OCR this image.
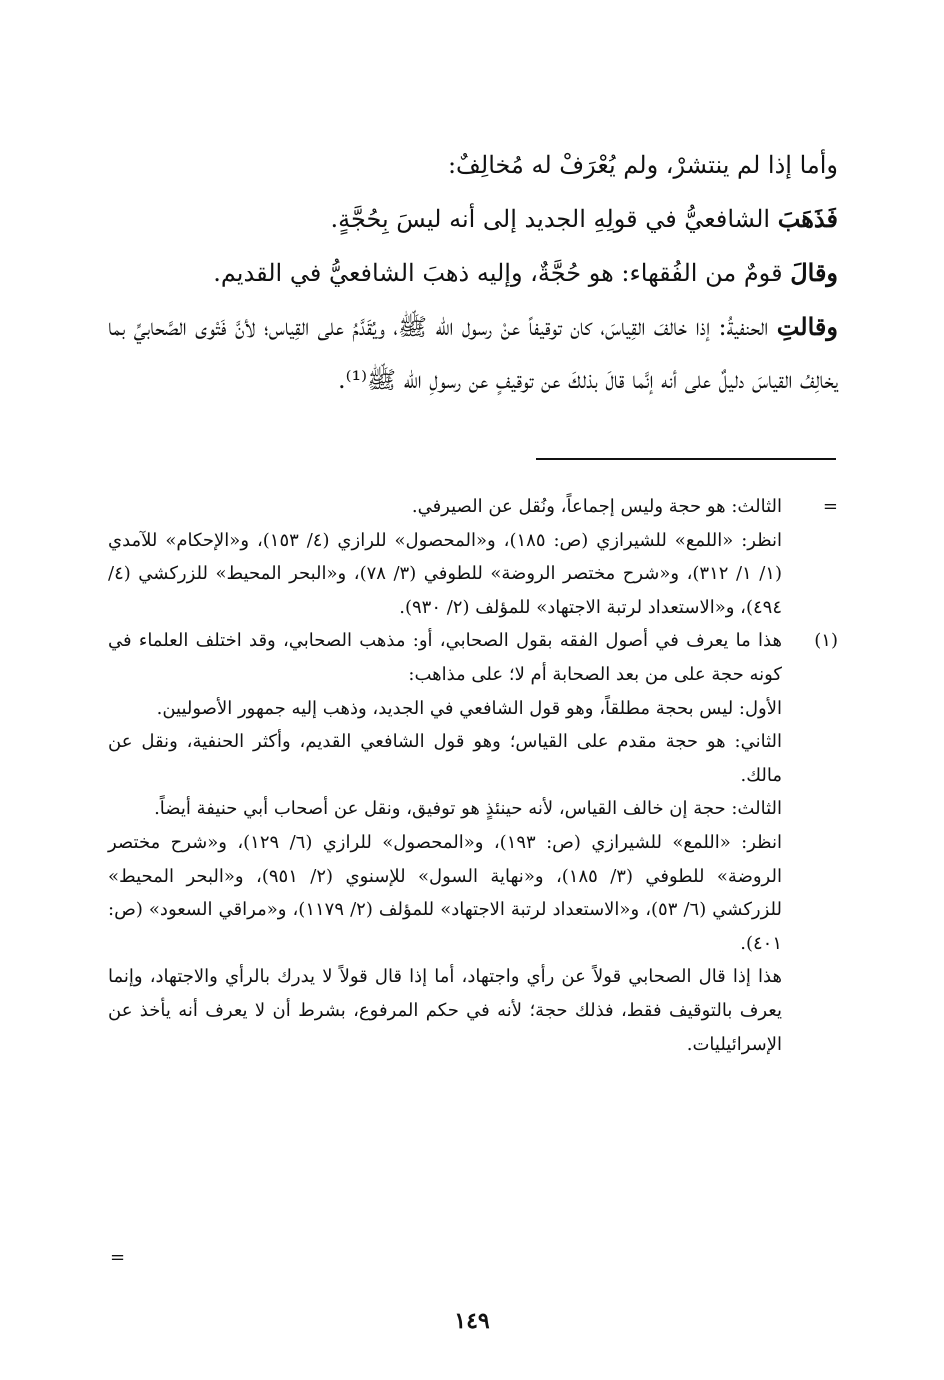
وأما إذا لم ينتشرْ، ولم يُعْرَفْ له مُخالِفٌ:

فَذَهَبَ الشافعيُّ في قولِهِ الجديد إلى أنه ليسَ بِحُجَّةٍ.

وقالَ قومٌ من الفُقهاء: هو حُجَّةٌ، وإليه ذهبَ الشافعيُّ في القديم.

وقالتِ الحنفيةُ: إذا خالفَ القِياسَ، كان توقيفاً عنْ رسول الله ﷺ، ويُقَدَّمُ على القِياس؛ لأنَّ فَتْوى الصَّحابيِّ بما يخالِفُ القياسَ دليلٌ على أنه إنَّما قالَ بذلكَ عن توقيفٍ عن رسولِ الله ﷺ⁽¹⁾.

=

الثالث: هو حجة وليس إجماعاً، ونُقل عن الصيرفي.

انظر: «اللمع» للشيرازي (ص: ١٨٥)، و«المحصول» للرازي (٤/ ١٥٣)، و«الإحكام» للآمدي (١/ ١/ ٣١٢)، و«شرح مختصر الروضة» للطوفي (٣/ ٧٨)، و«البحر المحيط» للزركشي (٤/ ٤٩٤)، و«الاستعداد لرتبة الاجتهاد» للمؤلف (٢/ ٩٣٠).

(١)

هذا ما يعرف في أصول الفقه بقول الصحابي، أو: مذهب الصحابي، وقد اختلف العلماء في كونه حجة على من بعد الصحابة أم لا؛ على مذاهب:

الأول: ليس بحجة مطلقاً، وهو قول الشافعي في الجديد، وذهب إليه جمهور الأصوليين.

الثاني: هو حجة مقدم على القياس؛ وهو قول الشافعي القديم، وأكثر الحنفية، ونقل عن مالك.

الثالث: حجة إن خالف القياس، لأنه حينئذٍ هو توفيق، ونقل عن أصحاب أبي حنيفة أيضاً.

انظر: «اللمع» للشيرازي (ص: ١٩٣)، و«المحصول» للرازي (٦/ ١٢٩)، و«شرح مختصر الروضة» للطوفي (٣/ ١٨٥)، و«نهاية السول» للإسنوي (٢/ ٩٥١)، و«البحر المحيط» للزركشي (٦/ ٥٣)، و«الاستعداد لرتبة الاجتهاد» للمؤلف (٢/ ١١٧٩)، و«مراقي السعود» (ص: ٤٠١).

هذا إذا قال الصحابي قولاً عن رأي واجتهاد، أما إذا قال قولاً لا يدرك بالرأي والاجتهاد، وإنما يعرف بالتوقيف فقط، فذلك حجة؛ لأنه في حكم المرفوع، بشرط أن لا يعرف أنه يأخذ عن الإسرائيليات.

=
١٤٩
